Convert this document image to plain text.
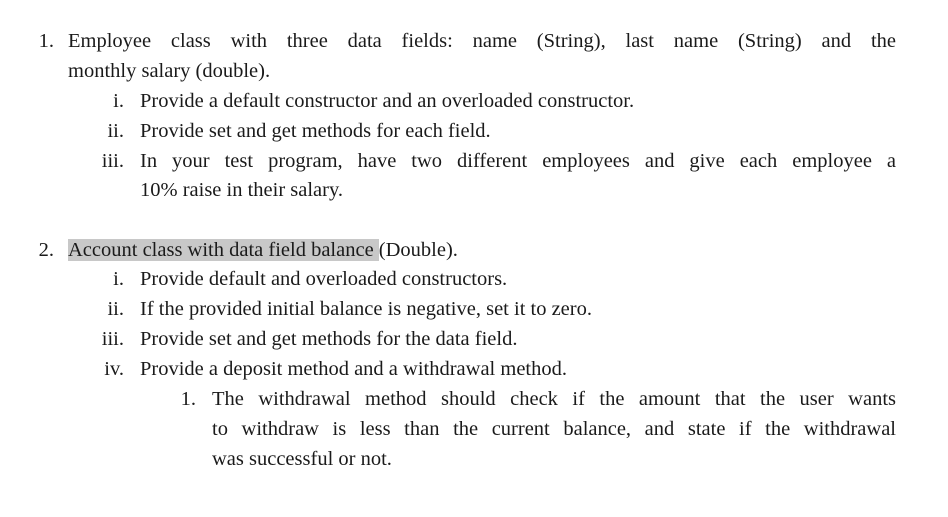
1. Employee class with three data fields: name (String), last name (String) and the
monthly salary (double).
i. Provide a default constructor and an overloaded constructor.
ii. Provide set and get methods for each field.
iii. In your test program, have two different employees and give each employee a
10% raise in their salary.
2. Account class with data field balance (Double).
i. Provide default and overloaded constructors.
ii. If the provided initial balance is negative, set it to zero.
iii. Provide set and get methods for the data field.
iv. Provide a deposit method and a withdrawal method.
1. The withdrawal method should check if the amount that the user wants
to withdraw is less than the current balance, and state if the withdrawal
was successful or not.
